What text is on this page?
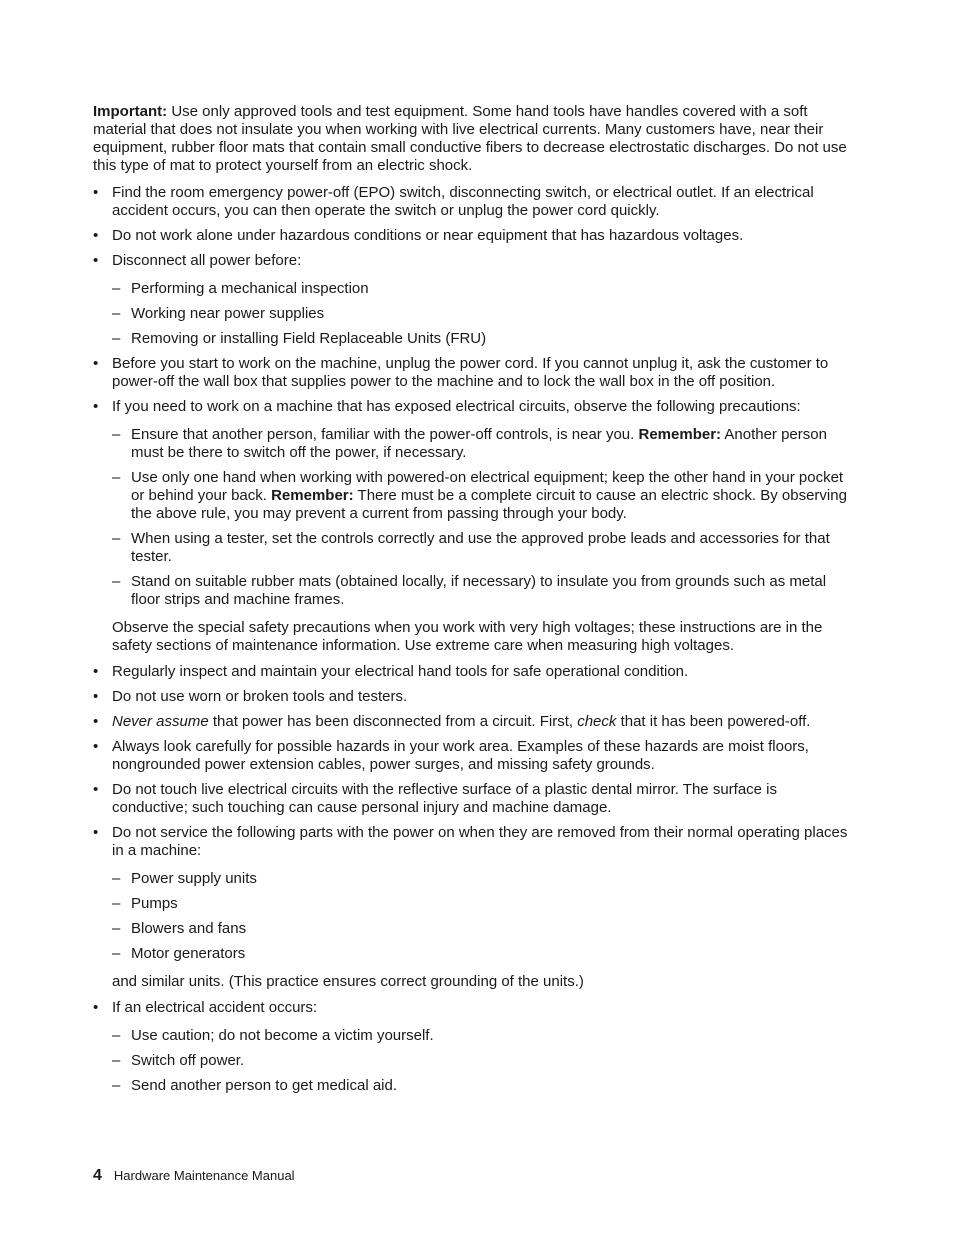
Important: Use only approved tools and test equipment. Some hand tools have handles covered with a soft material that does not insulate you when working with live electrical currents. Many customers have, near their equipment, rubber floor mats that contain small conductive fibers to decrease electrostatic discharges. Do not use this type of mat to protect yourself from an electric shock.

• Find the room emergency power-off (EPO) switch, disconnecting switch, or electrical outlet. If an electrical accident occurs, you can then operate the switch or unplug the power cord quickly.
• Do not work alone under hazardous conditions or near equipment that has hazardous voltages.
• Disconnect all power before:
– Performing a mechanical inspection
– Working near power supplies
– Removing or installing Field Replaceable Units (FRU)
• Before you start to work on the machine, unplug the power cord. If you cannot unplug it, ask the customer to power-off the wall box that supplies power to the machine and to lock the wall box in the off position.
• If you need to work on a machine that has exposed electrical circuits, observe the following precautions:
– Ensure that another person, familiar with the power-off controls, is near you. Remember: Another person must be there to switch off the power, if necessary.
– Use only one hand when working with powered-on electrical equipment; keep the other hand in your pocket or behind your back. Remember: There must be a complete circuit to cause an electric shock. By observing the above rule, you may prevent a current from passing through your body.
– When using a tester, set the controls correctly and use the approved probe leads and accessories for that tester.
– Stand on suitable rubber mats (obtained locally, if necessary) to insulate you from grounds such as metal floor strips and machine frames.

Observe the special safety precautions when you work with very high voltages; these instructions are in the safety sections of maintenance information. Use extreme care when measuring high voltages.

• Regularly inspect and maintain your electrical hand tools for safe operational condition.
• Do not use worn or broken tools and testers.
• Never assume that power has been disconnected from a circuit. First, check that it has been powered-off.
• Always look carefully for possible hazards in your work area. Examples of these hazards are moist floors, nongrounded power extension cables, power surges, and missing safety grounds.
• Do not touch live electrical circuits with the reflective surface of a plastic dental mirror. The surface is conductive; such touching can cause personal injury and machine damage.
• Do not service the following parts with the power on when they are removed from their normal operating places in a machine:
– Power supply units
– Pumps
– Blowers and fans
– Motor generators

and similar units. (This practice ensures correct grounding of the units.)

• If an electrical accident occurs:
– Use caution; do not become a victim yourself.
– Switch off power.
– Send another person to get medical aid.
4 Hardware Maintenance Manual
